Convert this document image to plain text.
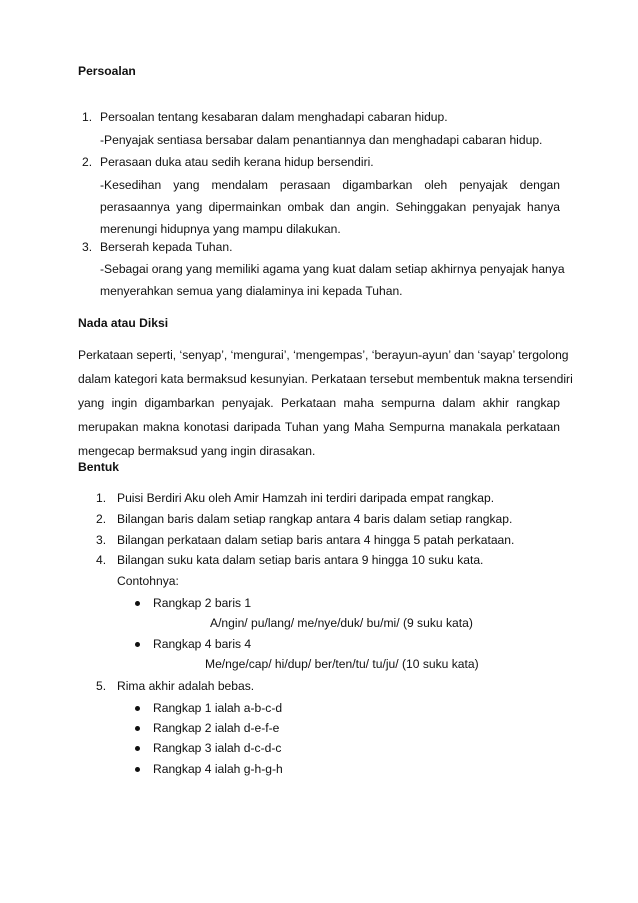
Persoalan
1. Persoalan tentang kesabaran dalam menghadapi cabaran hidup.
-Penyajak sentiasa bersabar dalam penantiannya dan menghadapi cabaran hidup.
2. Perasaan duka atau sedih kerana hidup bersendiri.
-Kesedihan yang mendalam perasaan digambarkan oleh penyajak dengan
perasaannya yang dipermainkan ombak dan angin. Sehinggakan penyajak hanya
merenungi hidupnya yang mampu dilakukan.
3. Berserah kepada Tuhan.
-Sebagai orang yang memiliki agama yang kuat dalam setiap akhirnya penyajak hanya
menyerahkan semua yang dialaminya ini kepada Tuhan.
Nada atau Diksi
Perkataan seperti, ‘senyap’, ‘mengurai’, ‘mengempas’, ‘berayun-ayun’ dan ‘sayap’ tergolong
dalam kategori kata bermaksud kesunyian. Perkataan tersebut membentuk makna tersendiri
yang ingin digambarkan penyajak. Perkataan maha sempurna dalam akhir rangkap
merupakan makna konotasi daripada Tuhan yang Maha Sempurna manakala perkataan
mengecap bermaksud yang ingin dirasakan.
Bentuk
1. Puisi Berdiri Aku oleh Amir Hamzah ini terdiri daripada empat rangkap.
2. Bilangan baris dalam setiap rangkap antara 4 baris dalam setiap rangkap.
3. Bilangan perkataan dalam setiap baris antara 4 hingga 5 patah perkataan.
4. Bilangan suku kata dalam setiap baris antara 9 hingga 10 suku kata.
Contohnya:
Rangkap 2 baris 1
A/ngin/ pu/lang/ me/nye/duk/ bu/mi/ (9 suku kata)
Rangkap 4 baris 4
Me/nge/cap/ hi/dup/ ber/ten/tu/ tu/ju/ (10 suku kata)
5. Rima akhir adalah bebas.
Rangkap 1 ialah a-b-c-d
Rangkap 2 ialah d-e-f-e
Rangkap 3 ialah d-c-d-c
Rangkap 4 ialah g-h-g-h
